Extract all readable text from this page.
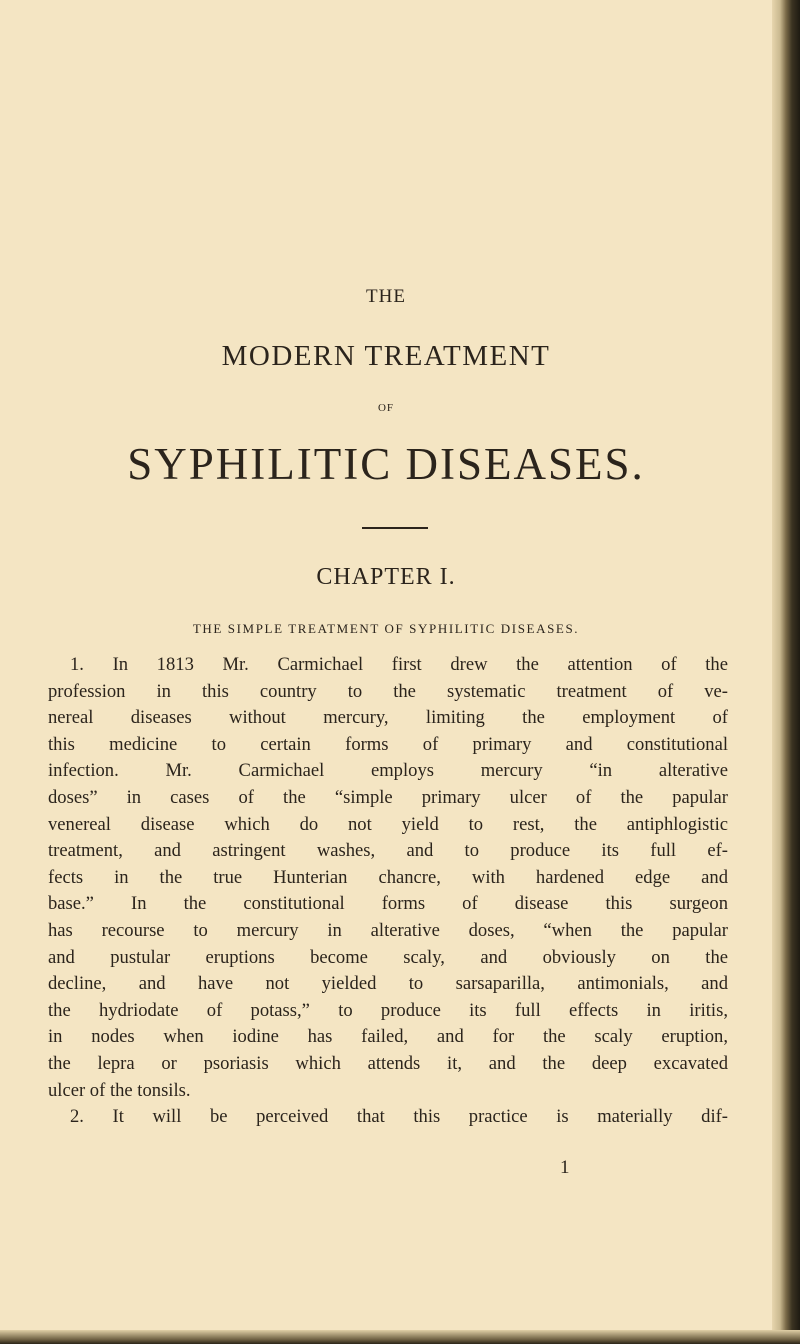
THE
MODERN TREATMENT
OF
SYPHILITIC DISEASES.
CHAPTER I.
THE SIMPLE TREATMENT OF SYPHILITIC DISEASES.
1. In 1813 Mr. Carmichael first drew the attention of the
profession in this country to the systematic treatment of ve-
nereal diseases without mercury, limiting the employment of
this medicine to certain forms of primary and constitutional
infection. Mr. Carmichael employs mercury “in alterative
doses” in cases of the “simple primary ulcer of the papular
venereal disease which do not yield to rest, the antiphlogistic
treatment, and astringent washes, and to produce its full ef-
fects in the true Hunterian chancre, with hardened edge and
base.” In the constitutional forms of disease this surgeon
has recourse to mercury in alterative doses, “when the papular
and pustular eruptions become scaly, and obviously on the
decline, and have not yielded to sarsaparilla, antimonials, and
the hydriodate of potass,” to produce its full effects in iritis,
in nodes when iodine has failed, and for the scaly eruption,
the lepra or psoriasis which attends it, and the deep excavated
ulcer of the tonsils.
2. It will be perceived that this practice is materially dif-
1
